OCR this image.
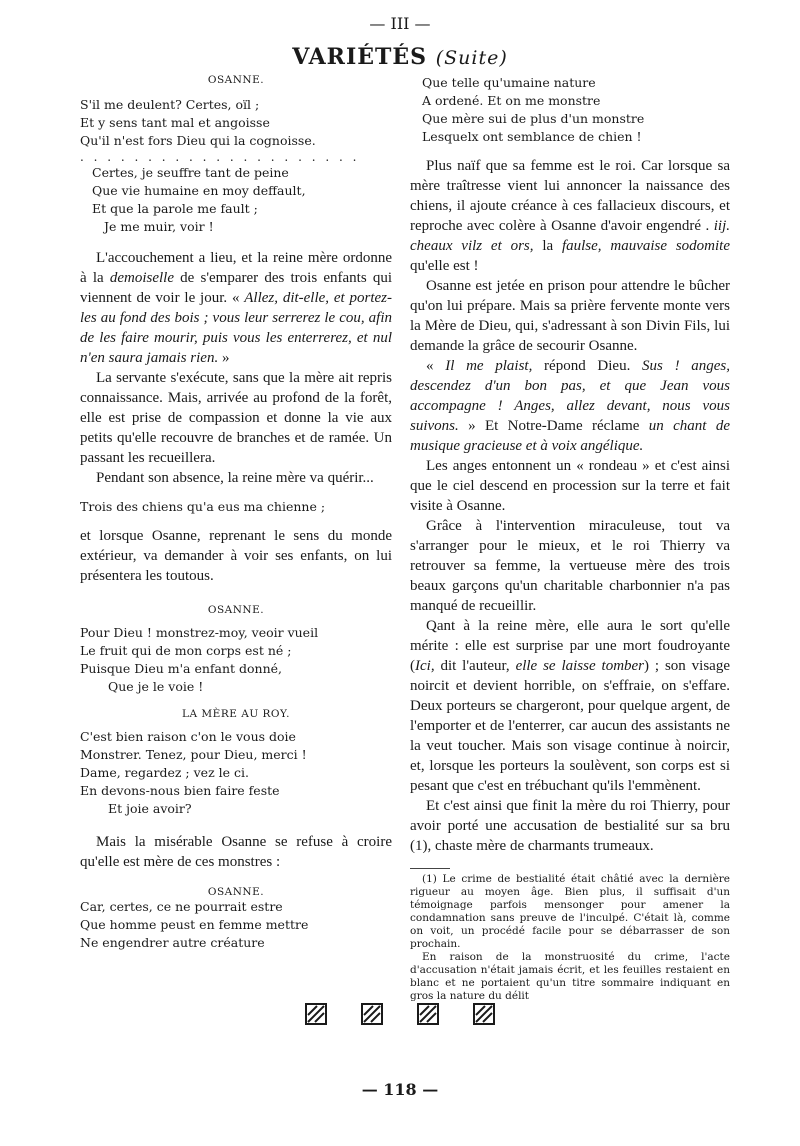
— III —
VARIÉTÉS (Suite)

OSANNE.

S'il me deulent? Certes, oïl ;
Et y sens tant mal et angoisse
Qu'il n'est fors Dieu qui la cognoisse.

. . . . . . . . . . . . . . . . . . . . .

Certes, je seuffre tant de peine
Que vie humaine en moy deffault,
Et que la parole me fault ;
Je me muir, voir !

L'accouchement a lieu, et la reine mère ordonne à la demoiselle de s'emparer des trois enfants qui viennent de voir le jour. « Allez, dit-elle, et portez-les au fond des bois ; vous leur serrerez le cou, afin de les faire mourir, puis vous les enterrerez, et nul n'en saura jamais rien. »

La servante s'exécute, sans que la mère ait repris connaissance. Mais, arrivée au profond de la forêt, elle est prise de compassion et donne la vie aux petits qu'elle recouvre de branches et de ramée. Un passant les recueillera.

Pendant son absence, la reine mère va quérir...

Trois des chiens qu'a eus ma chienne ;

et lorsque Osanne, reprenant le sens du monde extérieur, va demander à voir ses enfants, on lui présentera les toutous.

OSANNE.

Pour Dieu ! monstrez-moy, veoir vueil
Le fruit qui de mon corps est né ;
Puisque Dieu m'a enfant donné,
Que je le voie !

LA MÈRE AU ROY.

C'est bien raison c'on le vous doie
Monstrer. Tenez, pour Dieu, merci !
Dame, regardez ; vez le ci.
En devons-nous bien faire feste
Et joie avoir?

Mais la misérable Osanne se refuse à croire qu'elle est mère de ces monstres :

OSANNE.

Car, certes, ce ne pourrait estre
Que homme peust en femme mettre
Ne engendrer autre créature
Que telle qu'umaine nature
A ordené. Et on me monstre
Que mère sui de plus d'un monstre
Lesquelx ont semblance de chien !

Plus naïf que sa femme est le roi. Car lorsque sa mère traîtresse vient lui annoncer la naissance des chiens, il ajoute créance à ces fallacieux discours, et reproche avec colère à Osanne d'avoir engendré . iij. cheaux vilz et ors, la faulse, mauvaise sodomite qu'elle est !

Osanne est jetée en prison pour attendre le bûcher qu'on lui prépare. Mais sa prière fervente monte vers la Mère de Dieu, qui, s'adressant à son Divin Fils, lui demande la grâce de secourir Osanne.

« Il me plaist, répond Dieu. Sus ! anges, descendez d'un bon pas, et que Jean vous accompagne ! Anges, allez devant, nous vous suivons. » Et Notre-Dame réclame un chant de musique gracieuse et à voix angélique.

Les anges entonnent un « rondeau » et c'est ainsi que le ciel descend en procession sur la terre et fait visite à Osanne.

Grâce à l'intervention miraculeuse, tout va s'arranger pour le mieux, et le roi Thierry va retrouver sa femme, la vertueuse mère des trois beaux garçons qu'un charitable charbonnier n'a pas manqué de recueillir.

Qant à la reine mère, elle aura le sort qu'elle mérite : elle est surprise par une mort foudroyante (Ici, dit l'auteur, elle se laisse tomber) ; son visage noircit et devient horrible, on s'effraie, on s'effare. Deux porteurs se chargeront, pour quelque argent, de l'emporter et de l'enterrer, car aucun des assistants ne la veut toucher. Mais son visage continue à noircir, et, lorsque les porteurs la soulèvent, son corps est si pesant que c'est en trébuchant qu'ils l'emmènent.

Et c'est ainsi que finit la mère du roi Thierry, pour avoir porté une accusation de bestialité sur sa bru (1), chaste mère de charmants trumeaux.

(1) Le crime de bestialité était châtié avec la dernière rigueur au moyen âge. Bien plus, il suffisait d'un témoignage parfois mensonger pour amener la condamnation sans preuve de l'inculpé. C'était là, comme on voit, un procédé facile pour se débarrasser de son prochain.

En raison de la monstruosité du crime, l'acte d'accusation n'était jamais écrit, et les feuilles restaient en blanc et ne portaient qu'un titre sommaire indiquant en gros la nature du délit

— 118 —
